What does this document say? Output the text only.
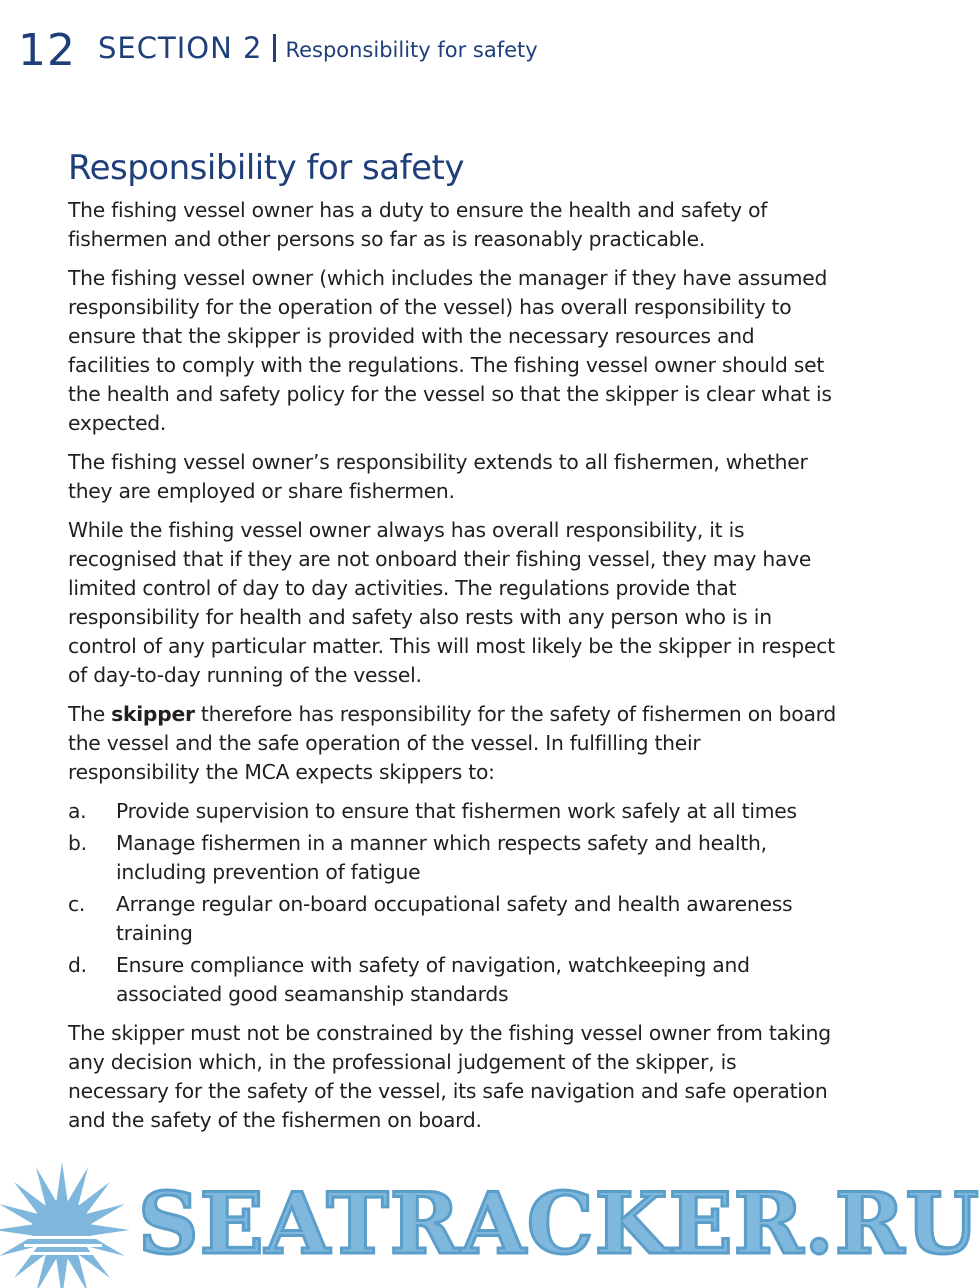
12 SECTION 2 Responsibility for safety
Responsibility for safety

The fishing vessel owner has a duty to ensure the health and safety of fishermen and other persons so far as is reasonably practicable.

The fishing vessel owner (which includes the manager if they have assumed responsibility for the operation of the vessel) has overall responsibility to ensure that the skipper is provided with the necessary resources and facilities to comply with the regulations. The fishing vessel owner should set the health and safety policy for the vessel so that the skipper is clear what is expected.

The fishing vessel owner’s responsibility extends to all fishermen, whether they are employed or share fishermen.

While the fishing vessel owner always has overall responsibility, it is recognised that if they are not onboard their fishing vessel, they may have limited control of day to day activities. The regulations provide that responsibility for health and safety also rests with any person who is in control of any particular matter. This will most likely be the skipper in respect of day-to-day running of the vessel.

The skipper therefore has responsibility for the safety of fishermen on board the vessel and the safe operation of the vessel. In fulfilling their responsibility the MCA expects skippers to:

a. Provide supervision to ensure that fishermen work safely at all times
b. Manage fishermen in a manner which respects safety and health, including prevention of fatigue
c. Arrange regular on-board occupational safety and health awareness training
d. Ensure compliance with safety of navigation, watchkeeping and associated good seamanship standards

The skipper must not be constrained by the fishing vessel owner from taking any decision which, in the professional judgement of the skipper, is necessary for the safety of the vessel, its safe navigation and safe operation and the safety of the fishermen on board.

SEATRACKER.RU
